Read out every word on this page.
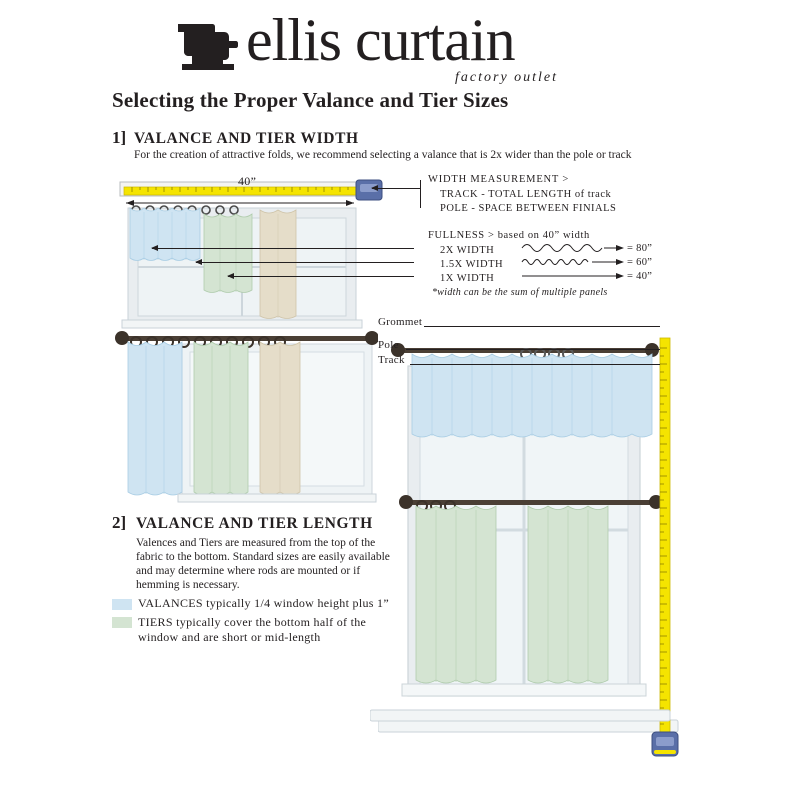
ellis curtain
factory outlet
Selecting the Proper Valance and Tier Sizes
1] VALANCE AND TIER WIDTH
For the creation of attractive folds, we recommend selecting a valance that is 2x wider than the pole or track
40”	WIDTH MEASUREMENT >
TRACK - TOTAL LENGTH of track
POLE - SPACE BETWEEN FINIALS
FULLNESS > based on 40” width
2X WIDTH
1.5X WIDTH
1X WIDTH
= 80”
= 60”
= 40”
*width can be the sum of multiple panels
Grommet
Pole
Track
2] VALANCE AND TIER LENGTH
Valences and Tiers are measured from the top of the fabric to the bottom. Standard sizes are easily available and may determine where rods are mounted or if hemming is necessary.
VALANCES typically 1/4 window height plus 1”
TIERS typically cover the bottom half of the window and are short or mid-length
